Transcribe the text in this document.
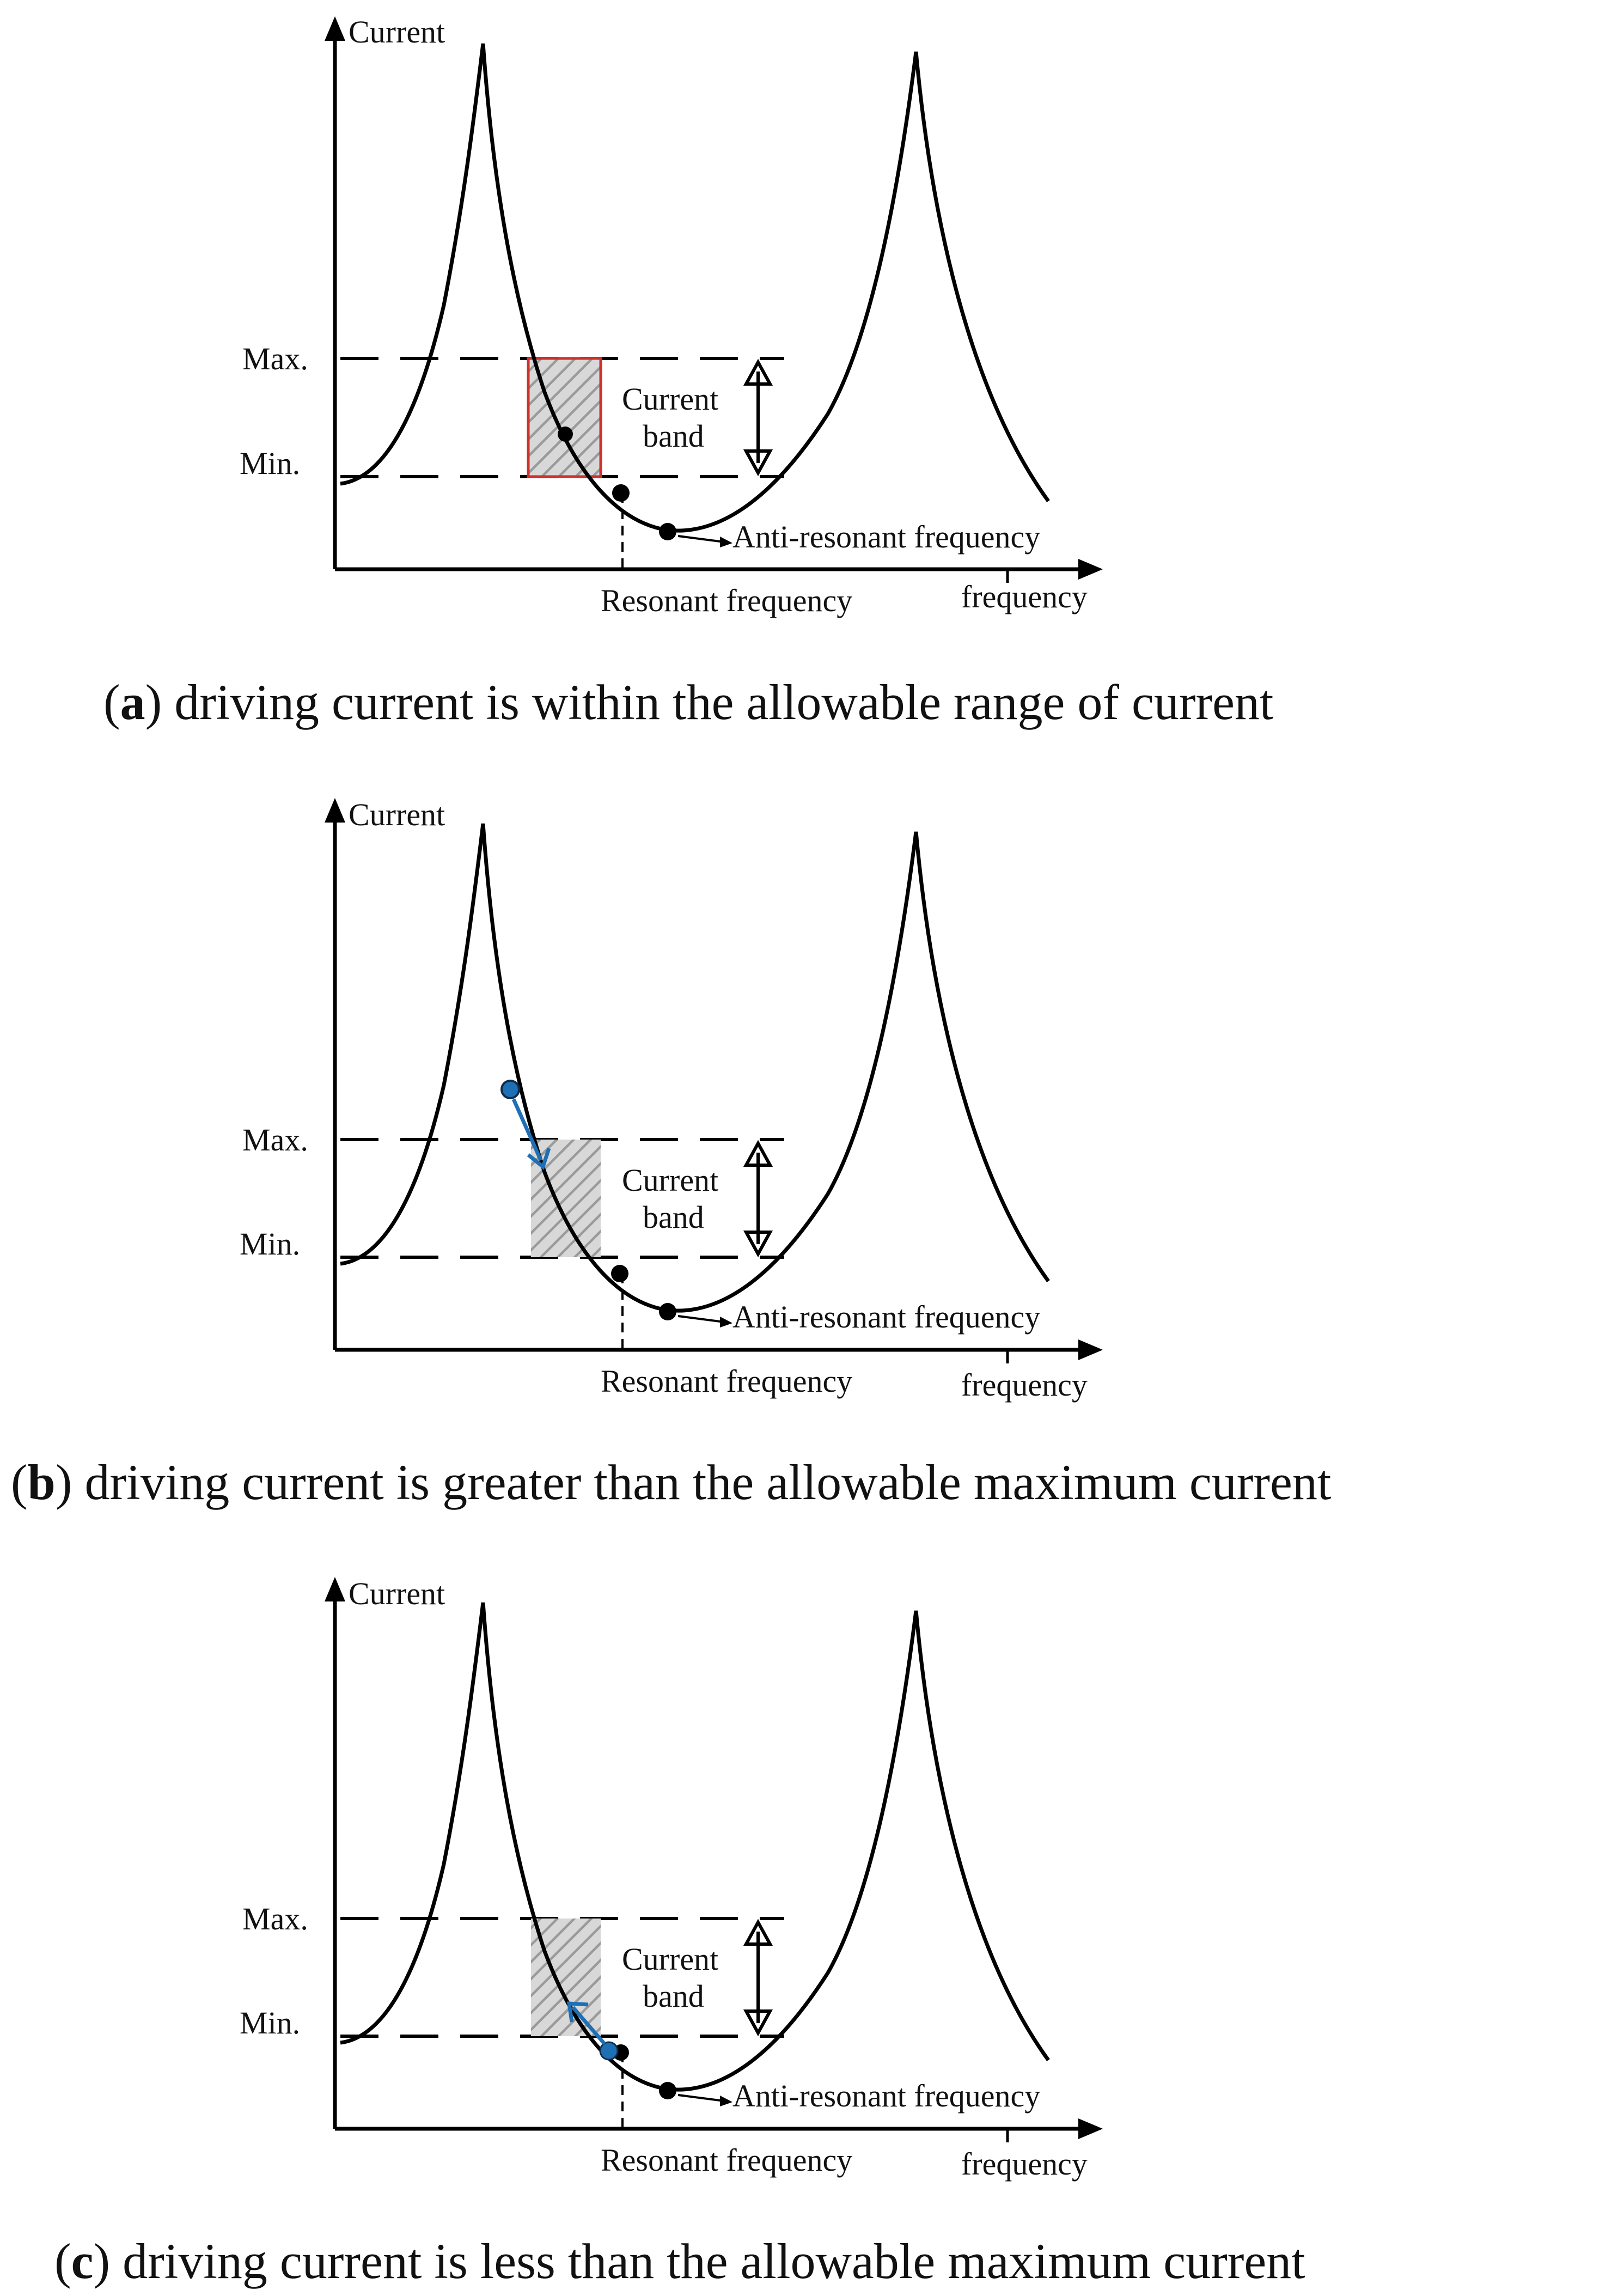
Current
frequency
Max.
Min.
Current
band
Resonant frequency
Anti-resonant frequency
(a) driving current is within the allowable range of current
Current
frequency
Max.
Min.
Current
band
Resonant frequency
Anti-resonant frequency
(b) driving current is greater than the allowable maximum current
Current
frequency
Max.
Min.
Current
band
Resonant frequency
Anti-resonant frequency
(c) driving current is less than the allowable maximum current
